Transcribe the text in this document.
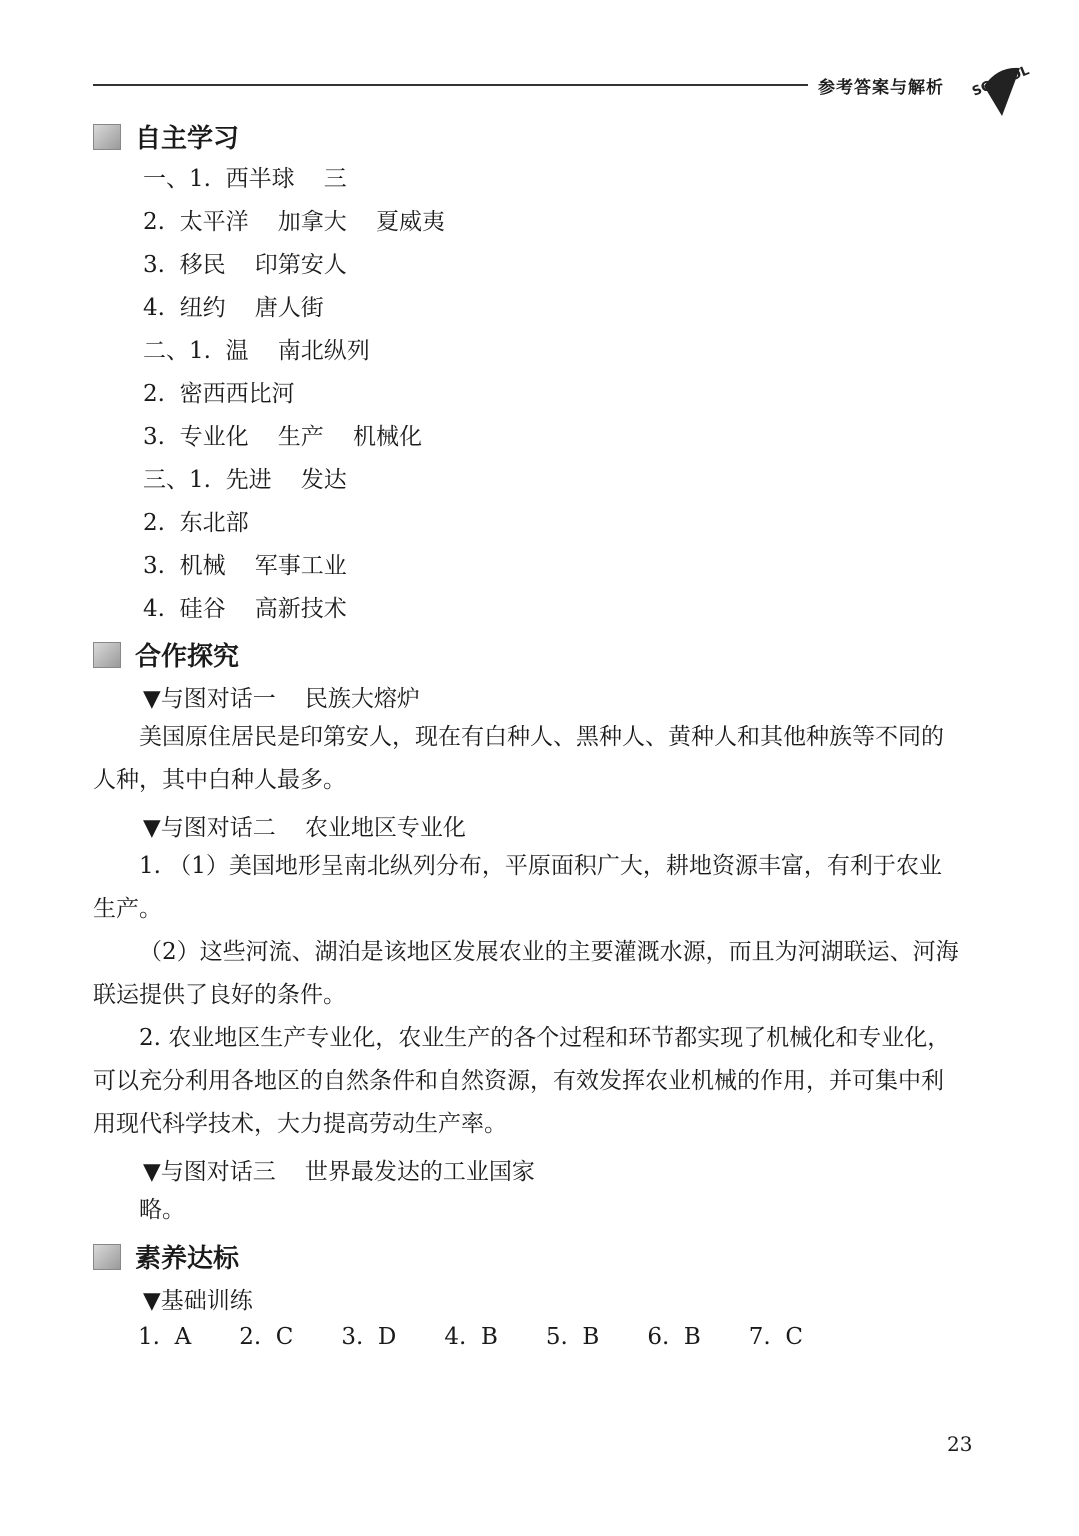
参考答案与解析 SCHOOL
自主学习
一、1.  西半球    三
2.  太平洋    加拿大    夏威夷
3.  移民    印第安人
4.  纽约    唐人街
二、1.  温    南北纵列
2.  密西西比河
3.  专业化    生产    机械化
三、1.  先进    发达
2.  东北部
3.  机械    军事工业
4.  硅谷    高新技术
合作探究
▼与图对话一    民族大熔炉
美国原住居民是印第安人，现在有白种人、黑种人、黄种人和其他种族等不同的人种，其中白种人最多。
▼与图对话二    农业地区专业化
1. （1）美国地形呈南北纵列分布，平原面积广大，耕地资源丰富，有利于农业生产。
（2）这些河流、湖泊是该地区发展农业的主要灌溉水源，而且为河湖联运、河海联运提供了良好的条件。
2. 农业地区生产专业化，农业生产的各个过程和环节都实现了机械化和专业化，可以充分利用各地区的自然条件和自然资源，有效发挥农业机械的作用，并可集中利用现代科学技术，大力提高劳动生产率。
▼与图对话三    世界最发达的工业国家
略。
素养达标
▼基础训练
1.  A 2.  C 3.  D 4.  B 5.  B 6.  B 7.  C
23
